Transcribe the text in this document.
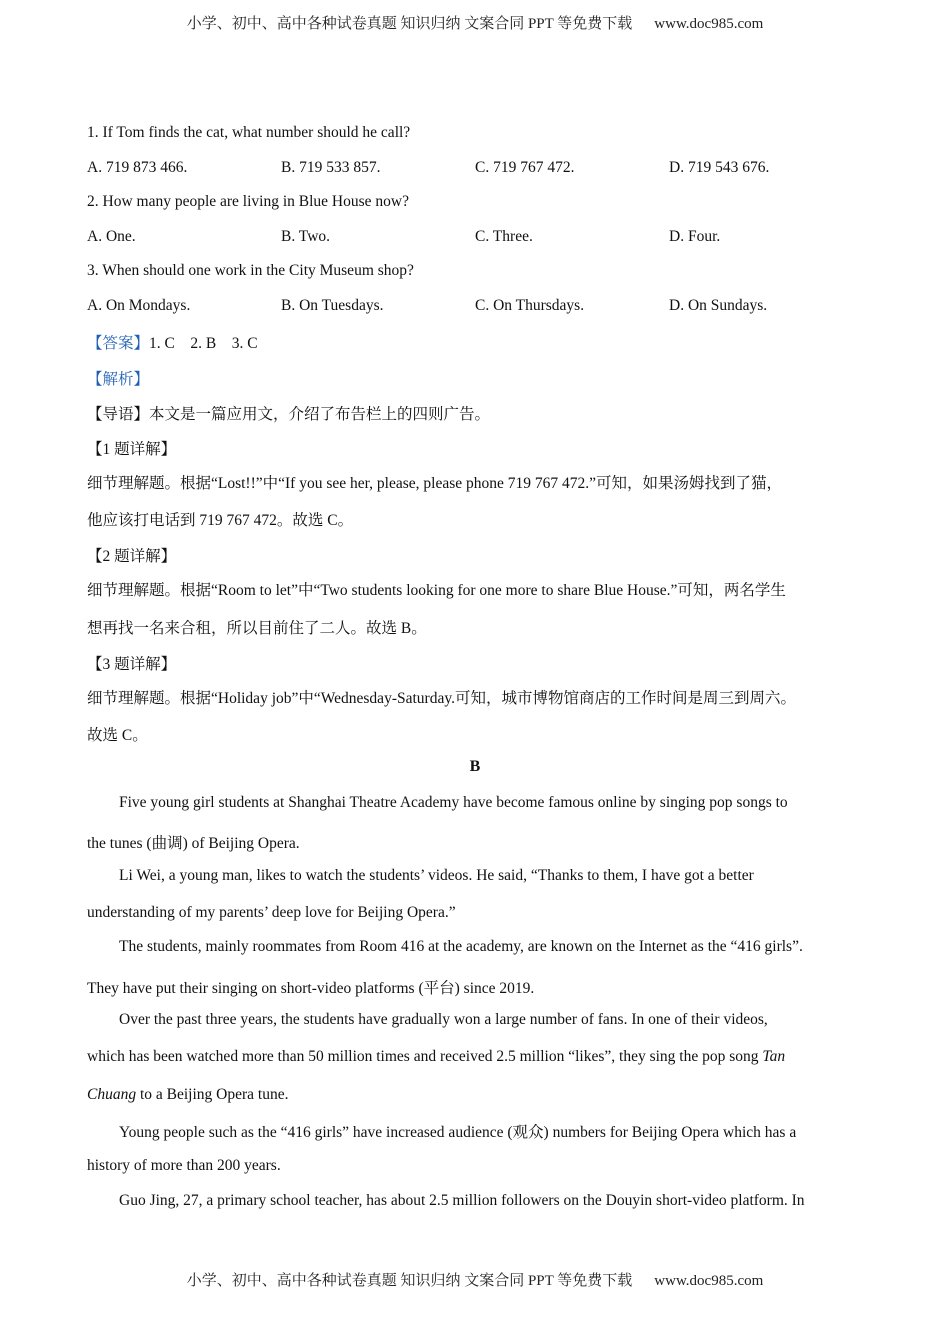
小学、初中、高中各种试卷真题 知识归纳 文案合同 PPT 等免费下载 www.doc985.com
1. If Tom finds the cat, what number should he call?
A. 719 873 466.	B. 719 533 857.	C. 719 767 472.	D. 719 543 676.
2. How many people are living in Blue House now?
A. One.	B. Two.	C. Three.	D. Four.
3. When should one work in the City Museum shop?
A. On Mondays.	B. On Tuesdays.	C. On Thursdays.	D. On Sundays.
【答案】1. C    2. B    3. C
【解析】
【导语】本文是一篇应用文，介绍了布告栏上的四则广告。
【1 题详解】
细节理解题。根据“Lost!!”中“If you see her, please, please phone 719 767 472.”可知，如果汤姆找到了猫，
他应该打电话到 719 767 472。故选 C。
【2 题详解】
细节理解题。根据“Room to let”中“Two students looking for one more to share Blue House.”可知，两名学生
想再找一名来合租，所以目前住了二人。故选 B。
【3 题详解】
细节理解题。根据“Holiday job”中“Wednesday-Saturday.可知，城市博物馆商店的工作时间是周三到周六。
故选 C。
B
Five young girl students at Shanghai Theatre Academy have become famous online by singing pop songs to
the tunes (曲调) of Beijing Opera.
Li Wei, a young man, likes to watch the students’ videos. He said, “Thanks to them, I have got a better
understanding of my parents’ deep love for Beijing Opera.”
The students, mainly roommates from Room 416 at the academy, are known on the Internet as the “416 girls”.
They have put their singing on short-video platforms (平台) since 2019.
Over the past three years, the students have gradually won a large number of fans. In one of their videos,
which has been watched more than 50 million times and received 2.5 million “likes”, they sing the pop song Tan
Chuang to a Beijing Opera tune.
Young people such as the “416 girls” have increased audience (观众) numbers for Beijing Opera which has a
history of more than 200 years.
Guo Jing, 27, a primary school teacher, has about 2.5 million followers on the Douyin short-video platform. In
小学、初中、高中各种试卷真题 知识归纳 文案合同 PPT 等免费下载 www.doc985.com
